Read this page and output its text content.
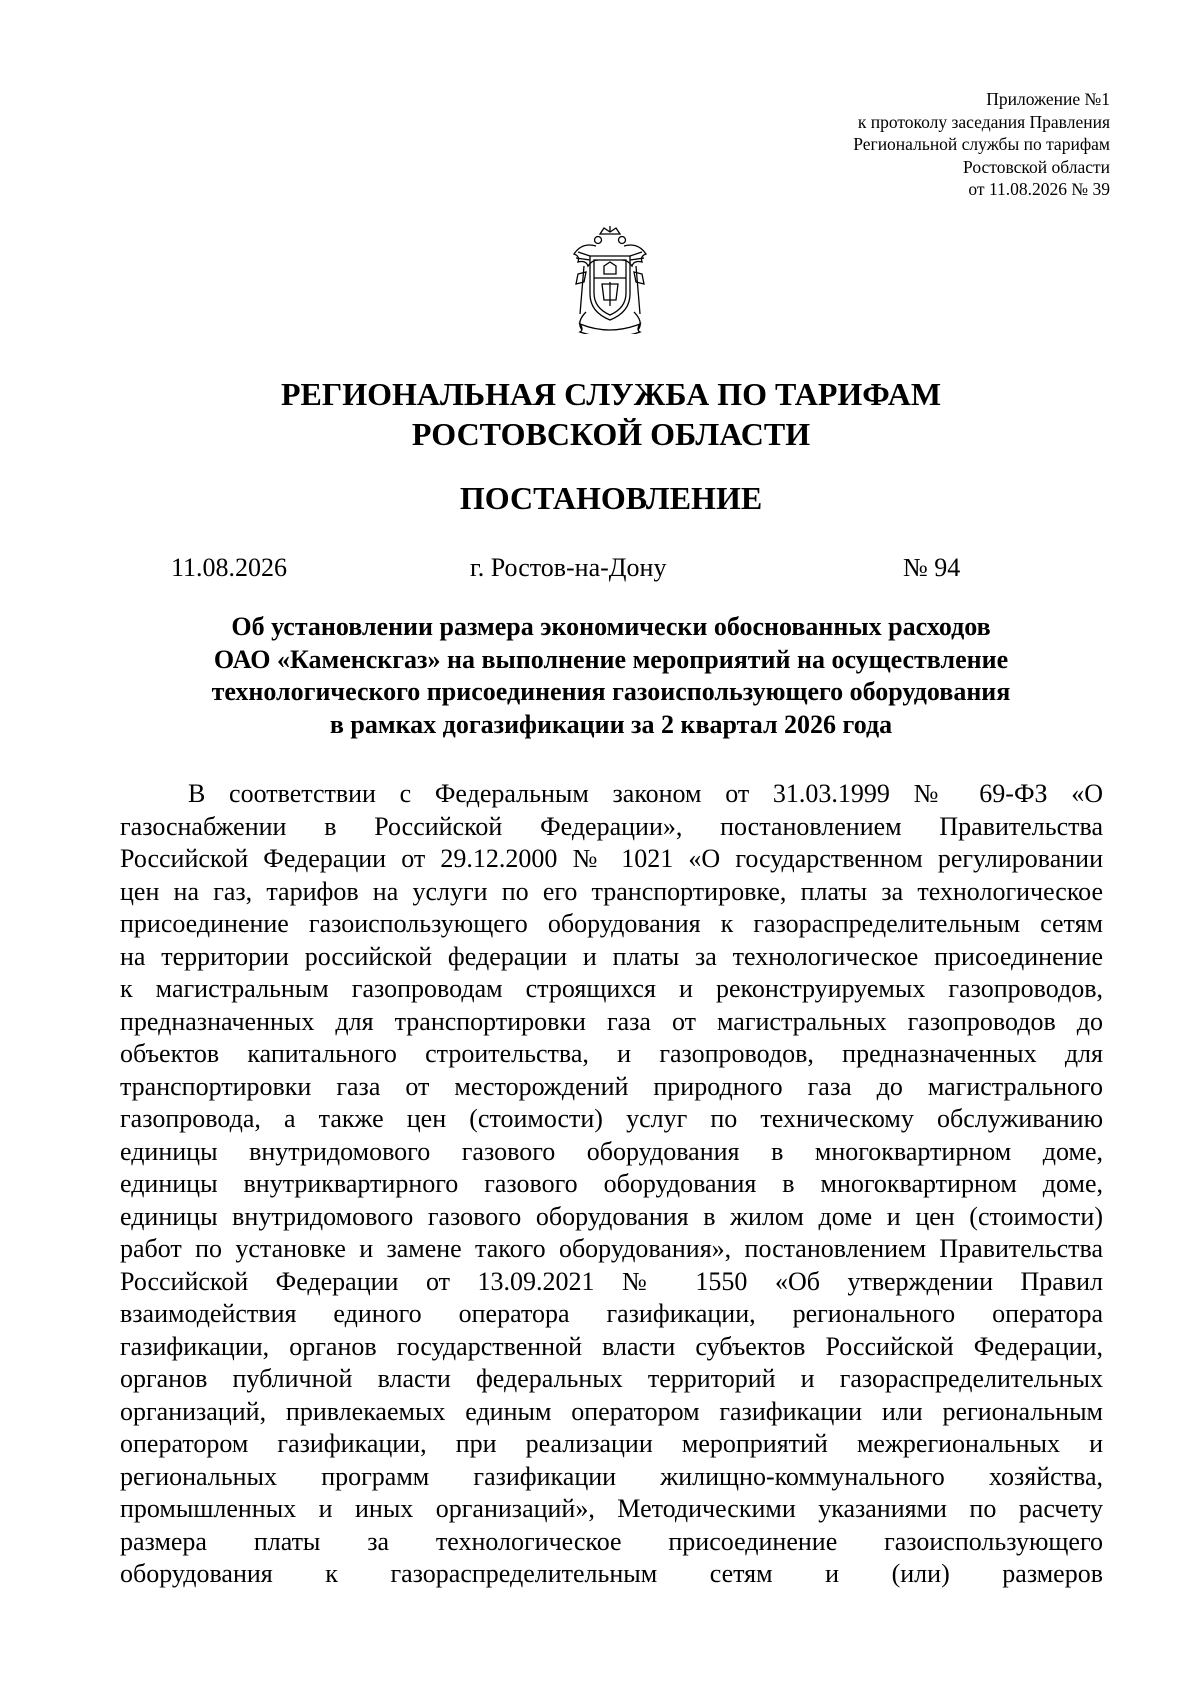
Приложение №1
к протоколу заседания Правления
Региональной службы по тарифам
Ростовской области
от 11.08.2026 № 39
РЕГИОНАЛЬНАЯ СЛУЖБА ПО ТАРИФАМ
РОСТОВСКОЙ ОБЛАСТИ
ПОСТАНОВЛЕНИЕ
11.08.2026	г. Ростов-на-Дону	№ 94
Об установлении размера экономически обоснованных расходов
ОАО «Каменскгаз» на выполнение мероприятий на осуществление
технологического присоединения газоиспользующего оборудования
в рамках догазификации за 2 квартал 2026 года
В соответствии с Федеральным законом от 31.03.1999 № 69-ФЗ «О
газоснабжении в Российской Федерации», постановлением Правительства
Российской Федерации от 29.12.2000 № 1021 «О государственном регулировании
цен на газ, тарифов на услуги по его транспортировке, платы за технологическое
присоединение газоиспользующего оборудования к газораспределительным сетям
на территории российской федерации и платы за технологическое присоединение
к магистральным газопроводам строящихся и реконструируемых газопроводов,
предназначенных для транспортировки газа от магистральных газопроводов до
объектов капитального строительства, и газопроводов, предназначенных для
транспортировки газа от месторождений природного газа до магистрального
газопровода, а также цен (стоимости) услуг по техническому обслуживанию
единицы внутридомового газового оборудования в многоквартирном доме,
единицы внутриквартирного газового оборудования в многоквартирном доме,
единицы внутридомового газового оборудования в жилом доме и цен (стоимости)
работ по установке и замене такого оборудования», постановлением Правительства
Российской Федерации от 13.09.2021 № 1550 «Об утверждении Правил
взаимодействия единого оператора газификации, регионального оператора
газификации, органов государственной власти субъектов Российской Федерации,
органов публичной власти федеральных территорий и газораспределительных
организаций, привлекаемых единым оператором газификации или региональным
оператором газификации, при реализации мероприятий межрегиональных и
региональных программ газификации жилищно-коммунального хозяйства,
промышленных и иных организаций», Методическими указаниями по расчету
размера платы за технологическое присоединение газоиспользующего
оборудования к газораспределительным сетям и (или) размеров
